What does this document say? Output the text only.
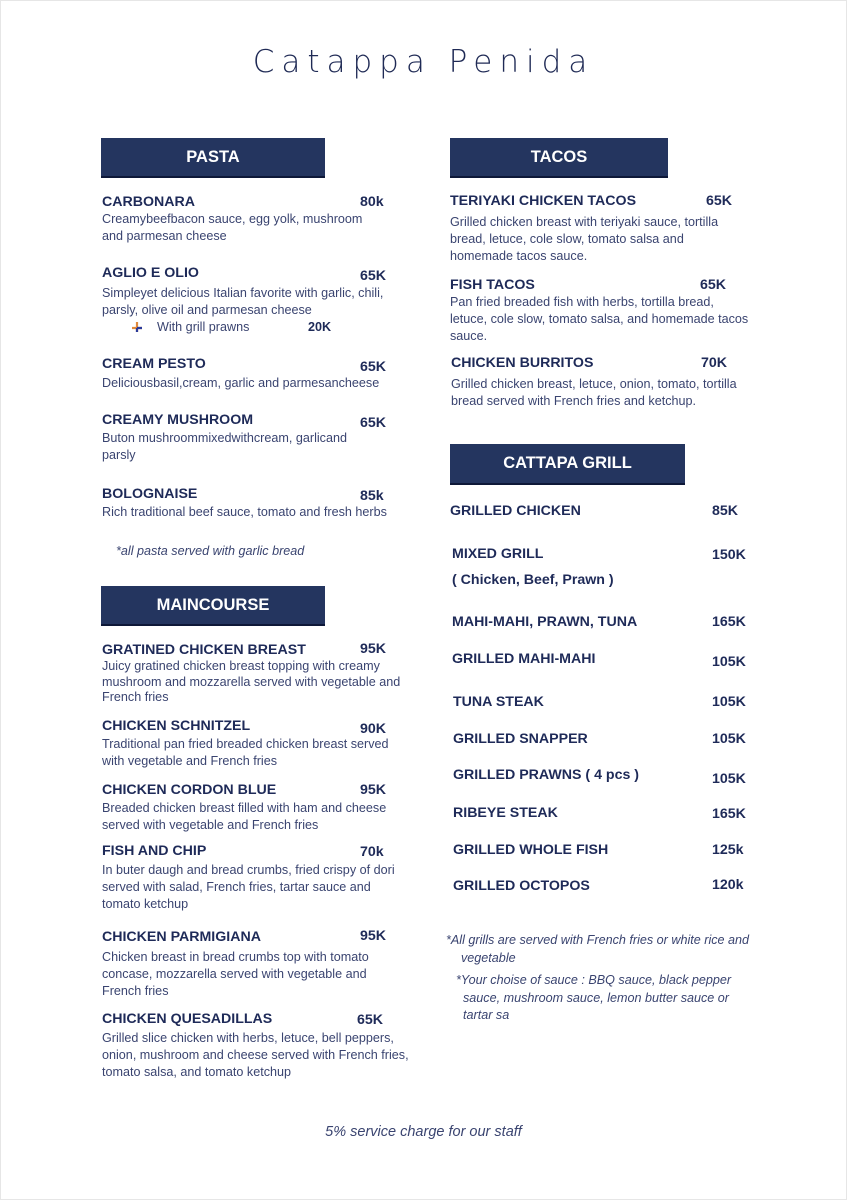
Catappa Penida
PASTA
CARBONARA	80k
Creamybeefbacon sauce, egg yolk, mushroom and parmesan cheese
AGLIO E OLIO	65K
Simpleyet delicious Italian favorite with garlic, chili, parsly, olive oil and parmesan cheese
With grill prawns	20K
CREAM PESTO	65K
Deliciousbasil,cream, garlic and parmesancheese
CREAMY MUSHROOM	65K
Buton mushroommixedwithcream, garlicand parsly
BOLOGNAISE	85k
Rich traditional beef sauce, tomato and fresh herbs
*all pasta served with garlic bread
MAINCOURSE
GRATINED CHICKEN BREAST	95K
Juicy gratined chicken breast topping with creamy mushroom and mozzarella served with vegetable and French fries
CHICKEN SCHNITZEL	90K
Traditional pan fried breaded chicken breast served with vegetable and French fries
CHICKEN CORDON BLUE	95K
Breaded chicken breast filled with ham and cheese served with vegetable and French fries
FISH AND CHIP	70k
In buter daugh and bread crumbs, fried crispy of dori served with salad, French fries, tartar sauce and tomato ketchup
CHICKEN PARMIGIANA	95K
Chicken breast in bread crumbs top with tomato concase, mozzarella served with vegetable and French fries
CHICKEN QUESADILLAS	65K
Grilled slice chicken with herbs, letuce, bell peppers, onion, mushroom and cheese served with French fries, tomato salsa, and tomato ketchup
TACOS
TERIYAKI CHICKEN TACOS	65K
Grilled chicken breast with teriyaki sauce, tortilla bread, letuce, cole slow, tomato salsa and homemade tacos sauce.
FISH TACOS	65K
Pan fried breaded fish with herbs, tortilla bread, letuce, cole slow, tomato salsa, and homemade tacos sauce.
CHICKEN BURRITOS	70K
Grilled chicken breast, letuce, onion, tomato, tortilla bread served with French fries and ketchup.
CATTAPA GRILL
GRILLED CHICKEN	85K
MIXED GRILL	150K
( Chicken, Beef, Prawn )
MAHI-MAHI, PRAWN, TUNA	165K
GRILLED MAHI-MAHI	105K
TUNA STEAK	105K
GRILLED SNAPPER	105K
GRILLED PRAWNS ( 4 pcs )	105K
RIBEYE STEAK	165K
GRILLED WHOLE FISH	125k
GRILLED OCTOPOS	120k
*All grills are served with French fries or white rice and vegetable
*Your choise of sauce : BBQ sauce, black pepper sauce, mushroom sauce, lemon butter sauce or tartar sa
5% service charge for our staff
